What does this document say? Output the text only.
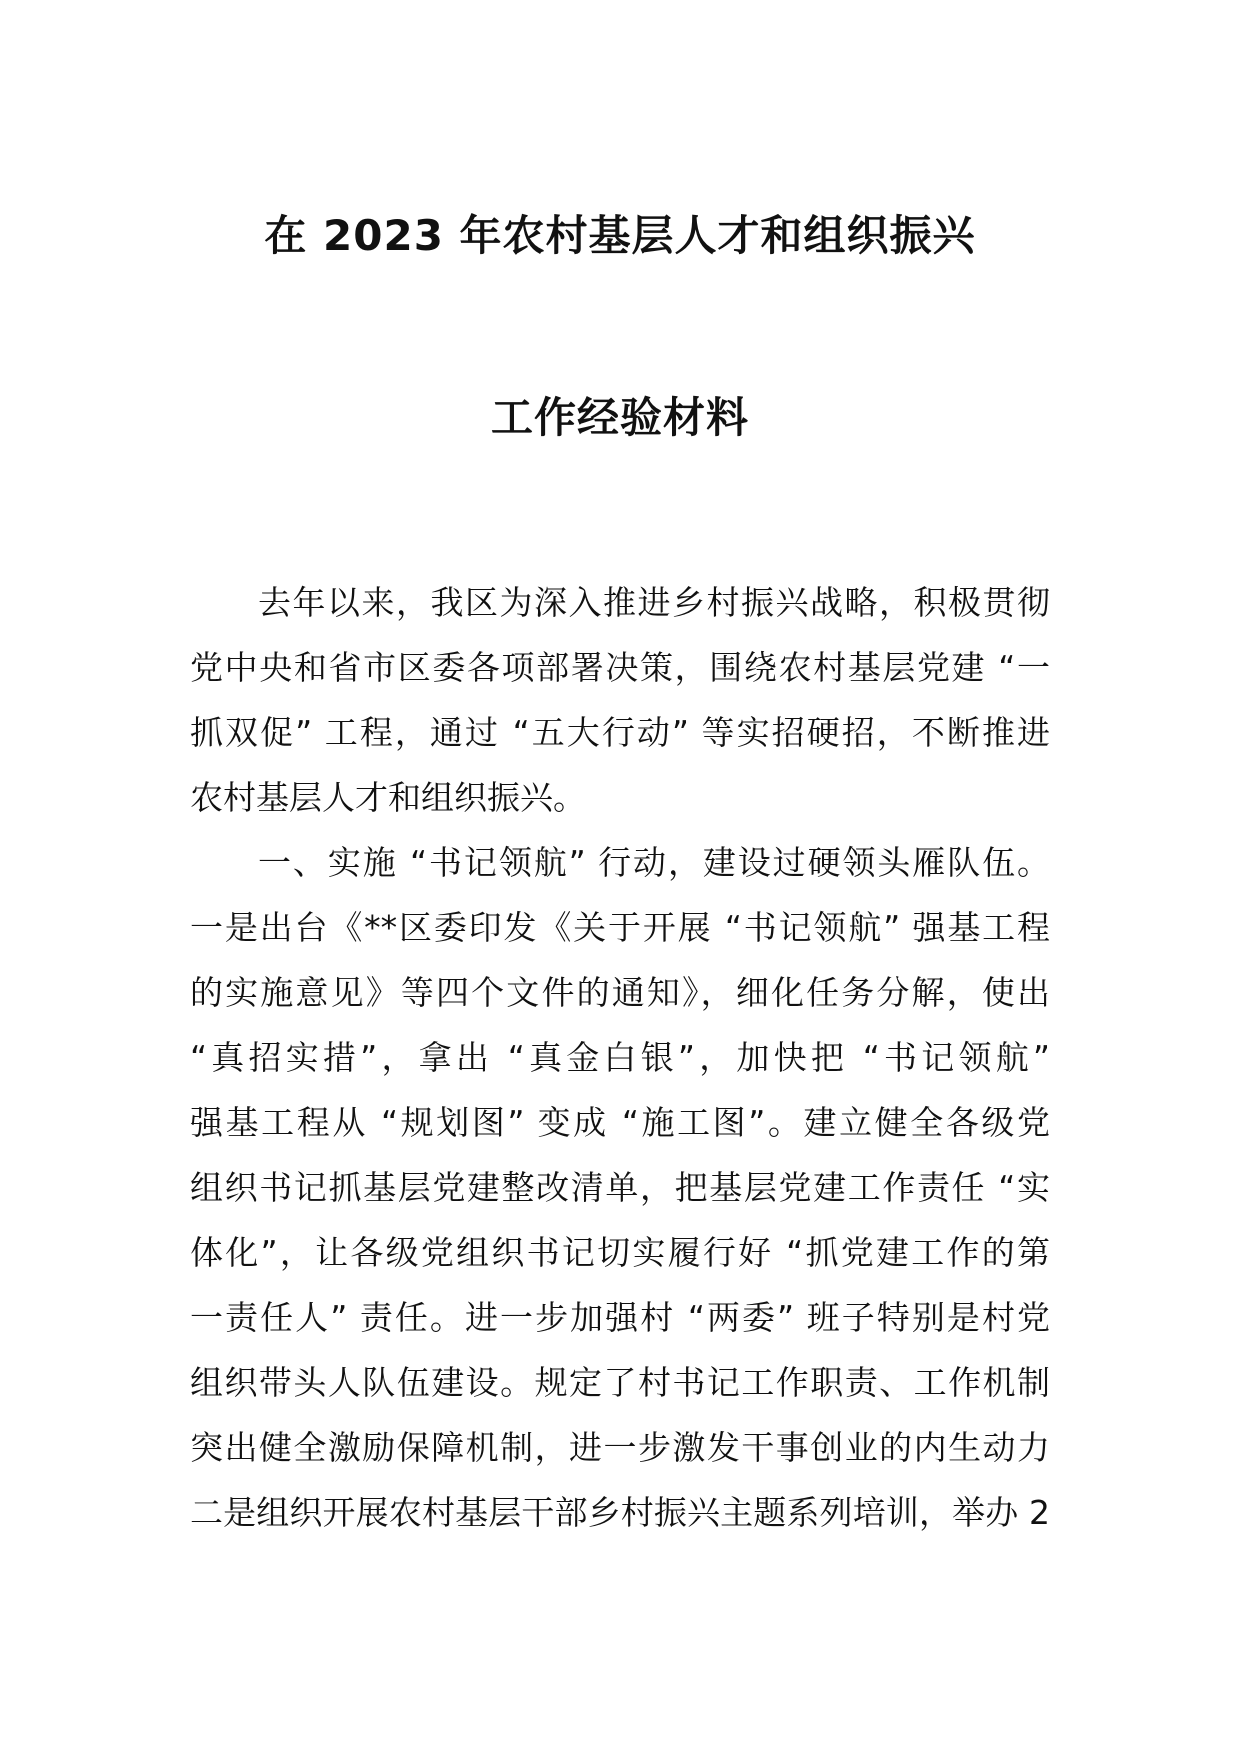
在 2023 年农村基层人才和组织振兴
工作经验材料
去年以来，我区为深入推进乡村振兴战略，积极贯彻
党中央和省市区委各项部署决策，围绕农村基层党建 “一
抓双促” 工程，通过 “五大行动” 等实招硬招，不断推进
农村基层人才和组织振兴。
一、实施 “书记领航” 行动，建设过硬领头雁队伍。
一是出台《**区委印发《关于开展 “书记领航” 强基工程
的实施意见》等四个文件的通知》，细化任务分解，使出
“真招实措”，拿出 “真金白银”，加快把 “书记领航”
强基工程从 “规划图” 变成 “施工图”。建立健全各级党
组织书记抓基层党建整改清单，把基层党建工作责任 “实
体化”，让各级党组织书记切实履行好 “抓党建工作的第
一责任人” 责任。进一步加强村 “两委” 班子特别是村党
组织带头人队伍建设。规定了村书记工作职责、工作机制
突出健全激励保障机制，进一步激发干事创业的内生动力
二是组织开展农村基层干部乡村振兴主题系列培训，举办 2
